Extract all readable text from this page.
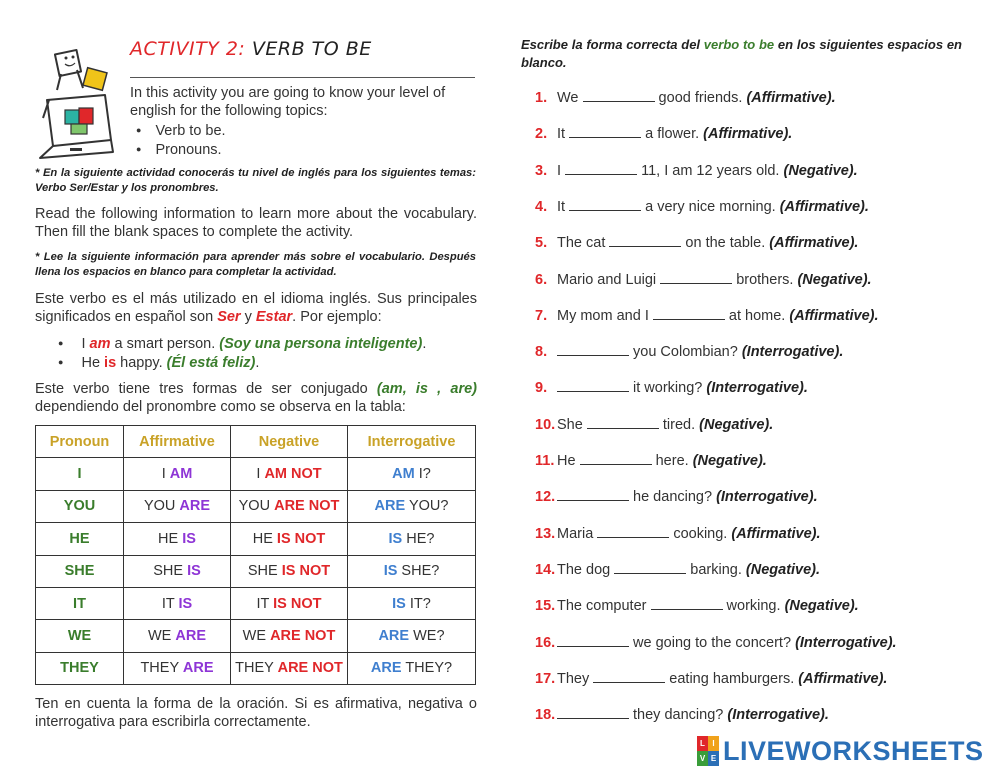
ACTIVITY 2: VERB TO BE
In this activity you are going to know your level of english for the following topics:
● Verb to be.
● Pronouns.
* En la siguiente actividad conocerás tu nivel de inglés para los siguientes temas: Verbo Ser/Estar y los pronombres.
Read the following information to learn more about the vocabulary. Then fill the blank spaces to complete the activity.
* Lee la siguiente información para aprender más sobre el vocabulario. Después llena los espacios en blanco para completar la actividad.
Este verbo es el más utilizado en el idioma inglés. Sus principales significados en español son Ser y Estar. Por ejemplo:
● I am a smart person. (Soy una persona inteligente).
● He is happy. (Él está feliz).
Este verbo tiene tres formas de ser conjugado (am, is , are) dependiendo del pronombre como se observa en la tabla:
Pronoun	Affirmative	Negative	Interrogative
I	I AM	I AM NOT	AM I?
YOU	YOU ARE	YOU ARE NOT	ARE YOU?
HE	HE IS	HE IS NOT	IS HE?
SHE	SHE IS	SHE IS NOT	IS SHE?
IT	IT IS	IT IS NOT	IS IT?
WE	WE ARE	WE ARE NOT	ARE WE?
THEY	THEY ARE	THEY ARE NOT	ARE THEY?
Ten en cuenta la forma de la oración. Si es afirmativa, negativa o interrogativa para escribirla correctamente.
Escribe la forma correcta del verbo to be en los siguientes espacios en blanco.
1. We	good friends. (Affirmative).
2. It	a flower. (Affirmative).
3. I	11, I am 12 years old. (Negative).
4. It	a very nice morning. (Affirmative).
5. The cat	on the table. (Affirmative).
6. Mario and Luigi	brothers. (Negative).
7. My mom and I	at home. (Affirmative).
8.	you Colombian? (Interrogative).
9.	it working? (Interrogative).
10. She	tired. (Negative).
11. He	here. (Negative).
12.	he dancing? (Interrogative).
13. Maria	cooking. (Affirmative).
14. The dog	barking. (Negative).
15. The computer	working. (Negative).
16.	we going to the concert? (Interrogative).
17. They	eating hamburgers. (Affirmative).
18.	they dancing? (Interrogative).
L I
V E LIVEWORKSHEETS
